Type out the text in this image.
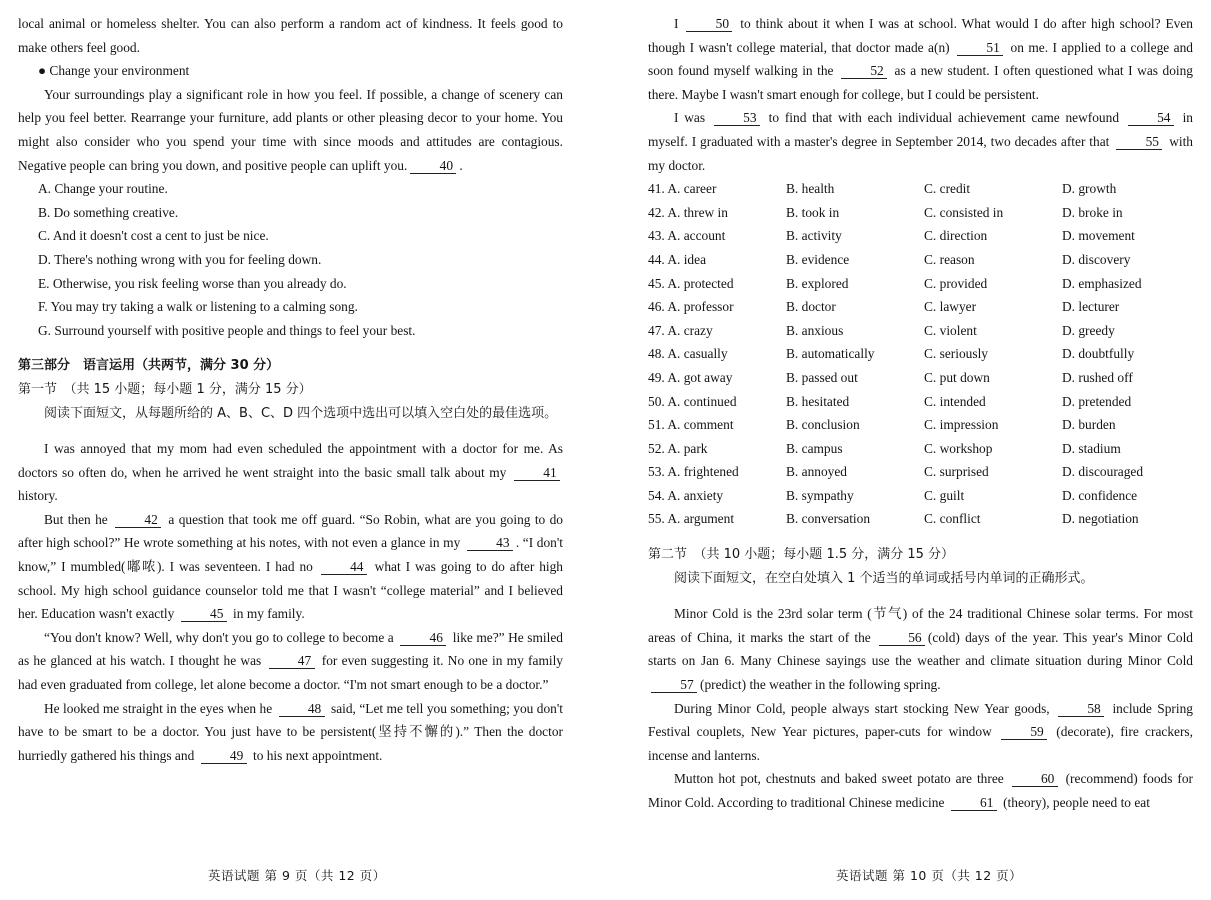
local animal or homeless shelter. You can also perform a random act of kindness. It feels good to make others feel good.

● Change your environment

Your surroundings play a significant role in how you feel. If possible, a change of scenery can help you feel better. Rearrange your furniture, add plants or other pleasing decor to your home. You might also consider who you spend your time with since moods and attitudes are contagious. Negative people can bring you down, and positive people can uplift you. 40 .

A. Change your routine.
B. Do something creative.
C. And it doesn't cost a cent to just be nice.
D. There's nothing wrong with you for feeling down.
E. Otherwise, you risk feeling worse than you already do.
F. You may try taking a walk or listening to a calming song.
G. Surround yourself with positive people and things to feel your best.
第三部分　语言运用（共两节，满分 30 分）
第一节　（共 15 小题；每小题 1 分，满分 15 分）

阅读下面短文，从每题所给的 A、B、C、D 四个选项中选出可以填入空白处的最佳选项。

I was annoyed that my mom had even scheduled the appointment with a doctor for me. As doctors so often do, when he arrived he went straight into the basic small talk about my 41 history.

But then he 42 a question that took me off guard. “So Robin, what are you going to do after high school?” He wrote something at his notes, with not even a glance in my 43 . “I don't know,” I mumbled(嘟哝). I was seventeen. I had no 44 what I was going to do after high school. My high school guidance counselor told me that I wasn't “college material” and I believed her. Education wasn't exactly 45 in my family.

“You don't know? Well, why don't you go to college to become a 46 like me?” He smiled as he glanced at his watch. I thought he was 47 for even suggesting it. No one in my family had even graduated from college, let alone become a doctor. “I'm not smart enough to be a doctor.”

He looked me straight in the eyes when he 48 said, “Let me tell you something; you don't have to be smart to be a doctor. You just have to be persistent(坚持不懈的).” Then the doctor hurriedly gathered his things and 49 to his next appointment.

I 50 to think about it when I was at school. What would I do after high school? Even though I wasn't college material, that doctor made a(n) 51 on me. I applied to a college and soon found myself walking in the 52 as a new student. I often questioned what I was doing there. Maybe I wasn't smart enough for college, but I could be persistent.

I was 53 to find that with each individual achievement came newfound 54 in myself. I graduated with a master's degree in September 2014, two decades after that 55 with my doctor.

41. A. career	B. health	C. credit	D. growth
42. A. threw in	B. took in	C. consisted in	D. broke in
43. A. account	B. activity	C. direction	D. movement
44. A. idea	B. evidence	C. reason	D. discovery
45. A. protected	B. explored	C. provided	D. emphasized
46. A. professor	B. doctor	C. lawyer	D. lecturer
47. A. crazy	B. anxious	C. violent	D. greedy
48. A. casually	B. automatically	C. seriously	D. doubtfully
49. A. got away	B. passed out	C. put down	D. rushed off
50. A. continued	B. hesitated	C. intended	D. pretended
51. A. comment	B. conclusion	C. impression	D. burden
52. A. park	B. campus	C. workshop	D. stadium
53. A. frightened	B. annoyed	C. surprised	D. discouraged
54. A. anxiety	B. sympathy	C. guilt	D. confidence
55. A. argument	B. conversation	C. conflict	D. negotiation
第二节　（共 10 小题；每小题 1.5 分，满分 15 分）

阅读下面短文，在空白处填入 1 个适当的单词或括号内单词的正确形式。

Minor Cold is the 23rd solar term (节气) of the 24 traditional Chinese solar terms. For most areas of China, it marks the start of the 56 (cold) days of the year. This year's Minor Cold starts on Jan 6. Many Chinese sayings use the weather and climate situation during Minor Cold 57 (predict) the weather in the following spring.

During Minor Cold, people always start stocking New Year goods, 58 include Spring Festival couplets, New Year pictures, paper-cuts for window 59 (decorate), fire crackers, incense and lanterns.

Mutton hot pot, chestnuts and baked sweet potato are three 60 (recommend) foods for Minor Cold. According to traditional Chinese medicine 61 (theory), people need to eat

英语试题 第 9 页（共 12 页）	英语试题 第 10 页（共 12 页）
